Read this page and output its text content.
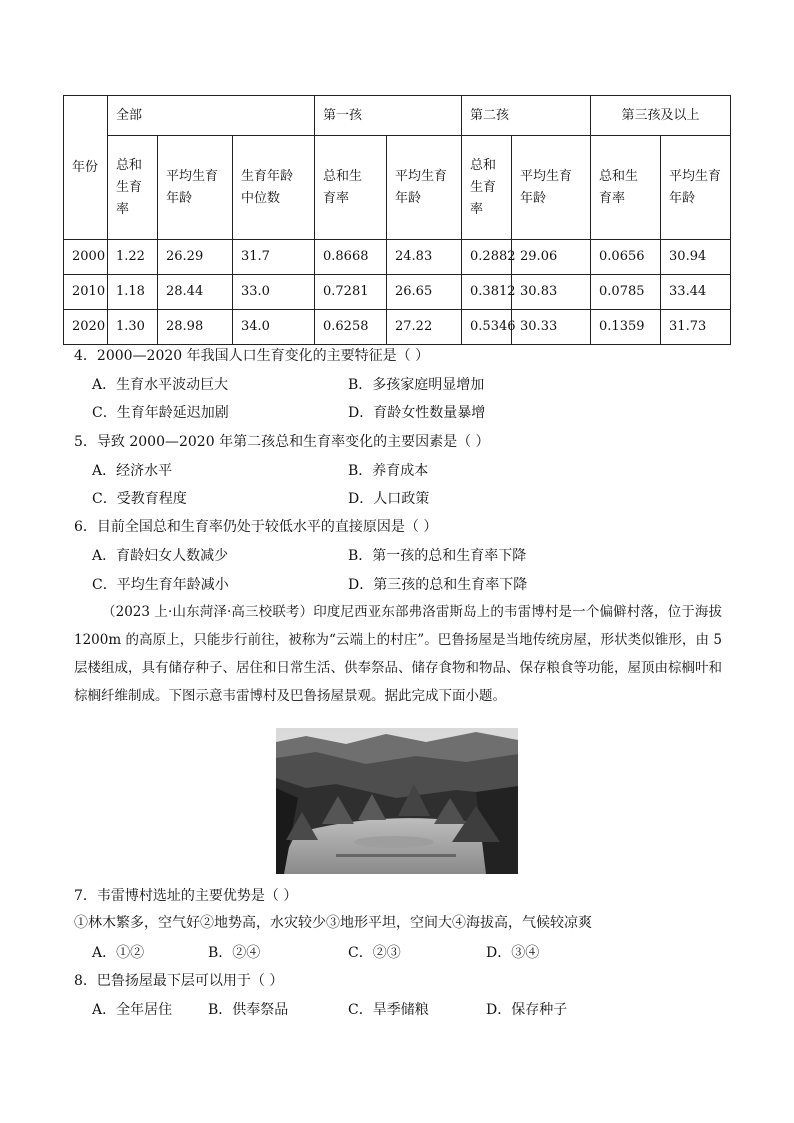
年份	全部			第一孩		第二孩		第三孩及以上	
	总和生育率	平均生育年龄	生育年龄中位数	总和生育率	平均生育年龄	总和生育率	平均生育年龄	总和生育率	平均生育年龄
2000	1.22	26.29	31.7	0.8668	24.83	0.2882	29.06	0.0656	30.94
2010	1.18	28.44	33.0	0.7281	26.65	0.3812	30.83	0.0785	33.44
2020	1.30	28.98	34.0	0.6258	27.22	0.5346	30.33	0.1359	31.73
4．2000—2020 年我国人口生育变化的主要特征是（ ）
A．生育水平波动巨大	B．多孩家庭明显增加
C．生育年龄延迟加剧	D．育龄女性数量暴增
5．导致 2000—2020 年第二孩总和生育率变化的主要因素是（ ）
A．经济水平	B．养育成本
C．受教育程度	D．人口政策
6．目前全国总和生育率仍处于较低水平的直接原因是（ ）
A．育龄妇女人数减少	B．第一孩的总和生育率下降
C．平均生育年龄减小	D．第三孩的总和生育率下降
（2023 上·山东菏泽·高三校联考）印度尼西亚东部弗洛雷斯岛上的韦雷博村是一个偏僻村落，位于海拔 1200m 的高原上，只能步行前往，被称为“云端上的村庄”。巴鲁扬屋是当地传统房屋，形状类似锥形，由 5 层楼组成，具有储存种子、居住和日常生活、供奉祭品、储存食物和物品、保存粮食等功能，屋顶由棕榈叶和棕榈纤维制成。下图示意韦雷博村及巴鲁扬屋景观。据此完成下面小题。
7．韦雷博村选址的主要优势是（ ）
①林木繁多，空气好②地势高，水灾较少③地形平坦，空间大④海拔高，气候较凉爽
A．①②	B．②④	C．②③	D．③④
8．巴鲁扬屋最下层可以用于（ ）
A．全年居住	B．供奉祭品	C．旱季储粮	D．保存种子
